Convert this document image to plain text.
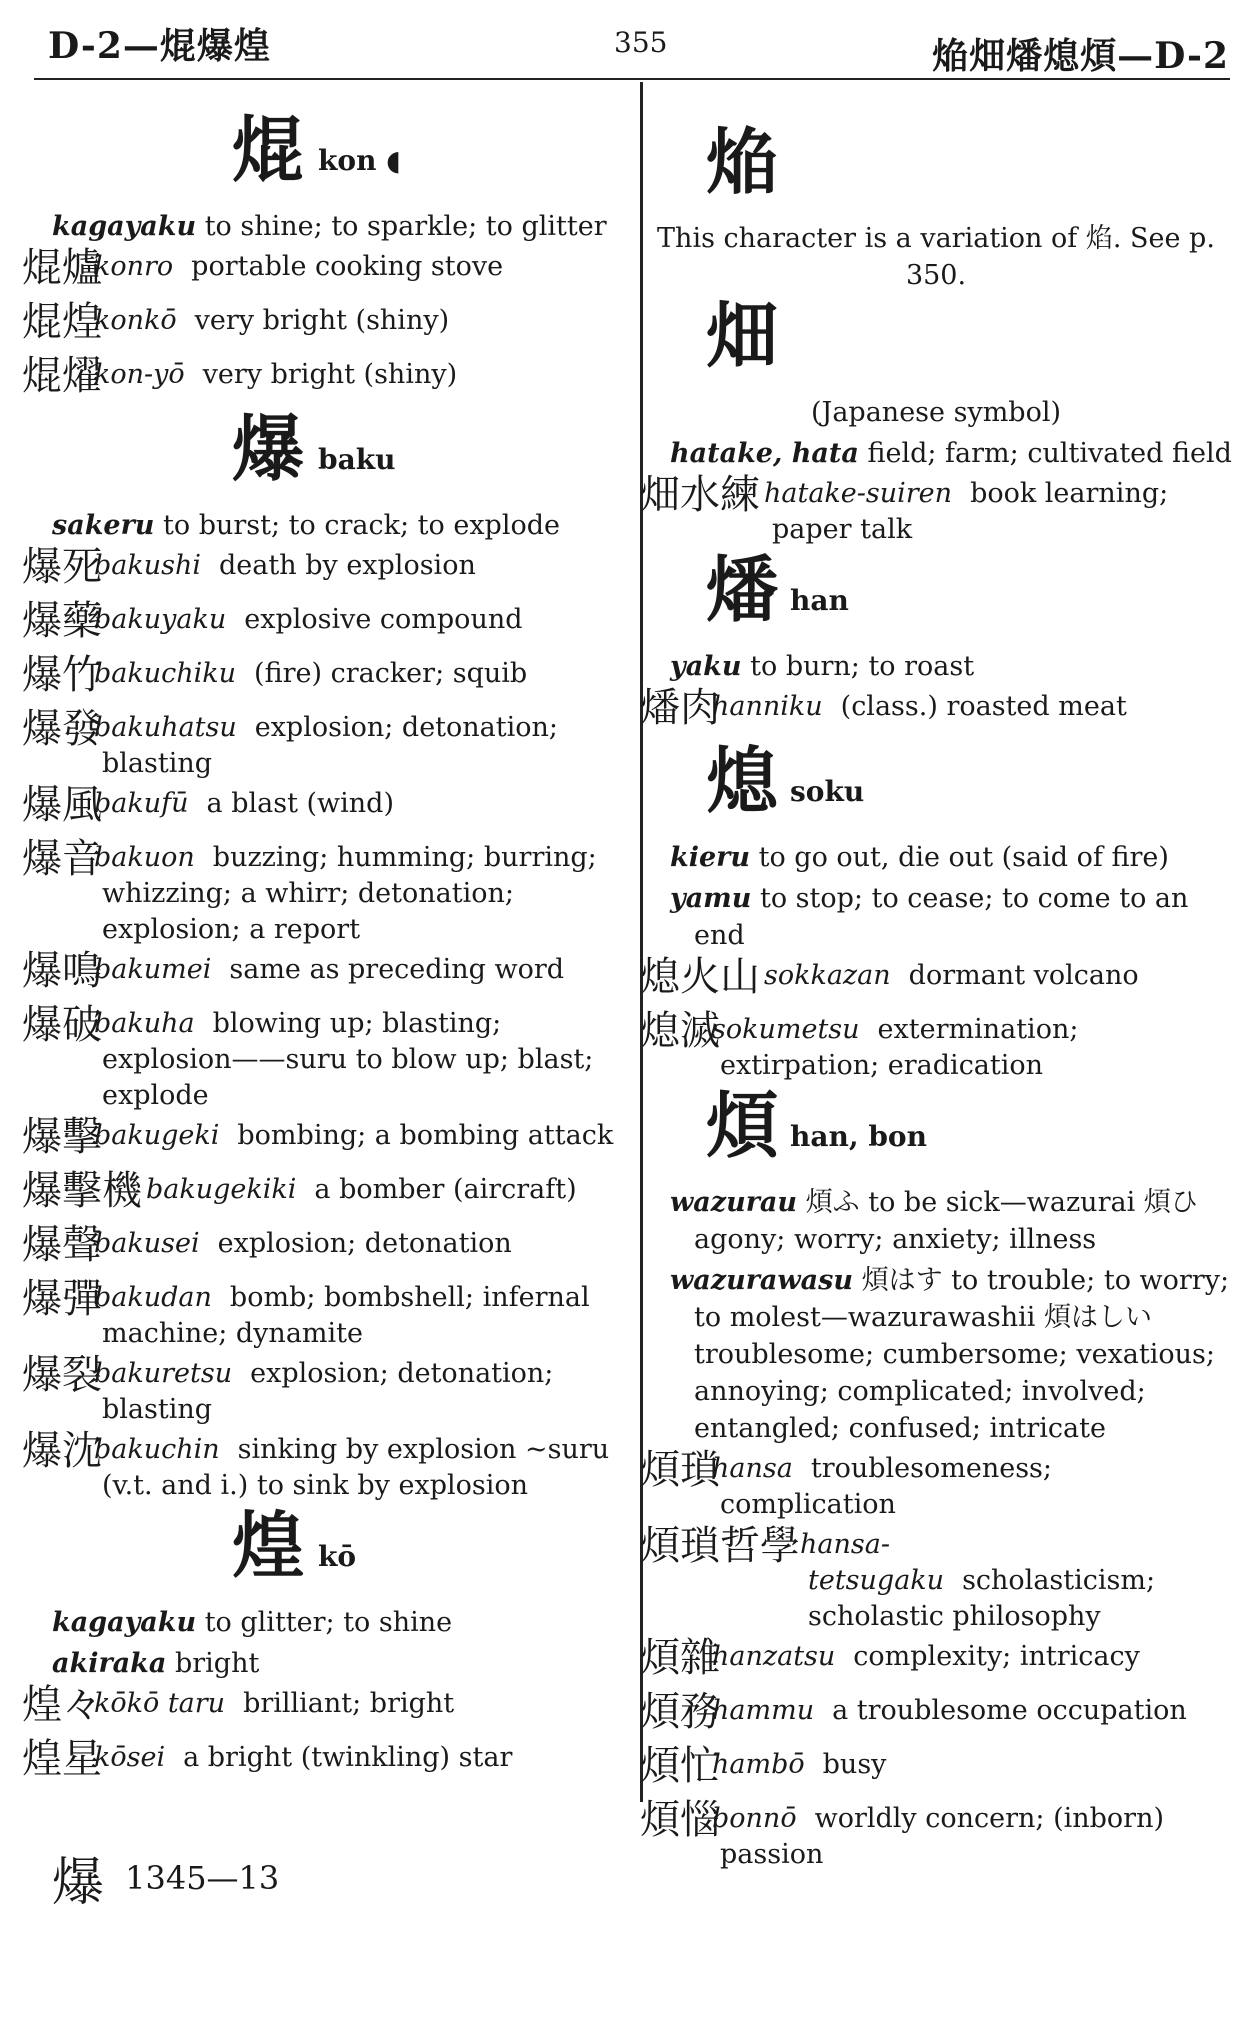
D-2—焜爆煌	355	焔畑燔熄煩—D-2
焜 kon ◖
kagayaku to shine; to sparkle; to glitter
焜爐
konro portable cooking stove
焜煌
konkō very bright (shiny)
焜燿
kon-yō very bright (shiny)
爆 baku
sakeru to burst; to crack; to explode
爆死
bakushi death by explosion
爆藥
bakuyaku explosive compound
爆竹
bakuchiku (fire) cracker; squib
爆發
bakuhatsu explosion; detonation; blasting
爆風
bakufū a blast (wind)
爆音
bakuon buzzing; humming; burring; whizzing; a whirr; detonation; explosion; a report
爆鳴
bakumei same as preceding word
爆破
bakuha blowing up; blasting; explosion——suru to blow up; blast; explode
爆擊
bakugeki bombing; a bombing attack
爆擊機 bakugekiki a bomber (aircraft)
爆聲
bakusei explosion; detonation
爆彈
bakudan bomb; bombshell; infernal machine; dynamite
爆裂
bakuretsu explosion; detonation; blasting
爆沈
bakuchin sinking by explosion ~suru (v.t. and i.) to sink by explosion
煌 kō
kagayaku to glitter; to shine
akiraka bright
煌々
kōkō taru brilliant; bright
煌星
kōsei a bright (twinkling) star
焔
This character is a variation of 焰. See p. 350.
畑
(Japanese symbol)
hatake, hata field; farm; cultivated field
畑水練 hatake-suiren book learning; paper talk
燔 han
yaku to burn; to roast
燔肉
hanniku (class.) roasted meat
熄 soku
kieru to go out, die out (said of fire)
yamu to stop; to cease; to come to an end
熄火山 sokkazan dormant volcano
熄滅
sokumetsu extermination; extirpation; eradication
煩 han, bon
wazurau 煩ふ to be sick—wazurai 煩ひ agony; worry; anxiety; illness
wazurawasu 煩はす to trouble; to worry; to molest—wazurawashii 煩はしい troublesome; cumbersome; vexatious; annoying; complicated; involved; entangled; confused; intricate
煩瑣
hansa troublesomeness; complication
煩瑣哲學 hansa-tetsugaku scholasticism; scholastic philosophy
煩雜
hanzatsu complexity; intricacy
煩務
hammu a troublesome occupation
煩忙
hambō busy
煩惱
bonnō worldly concern; (inborn) passion
爆 1345—13
